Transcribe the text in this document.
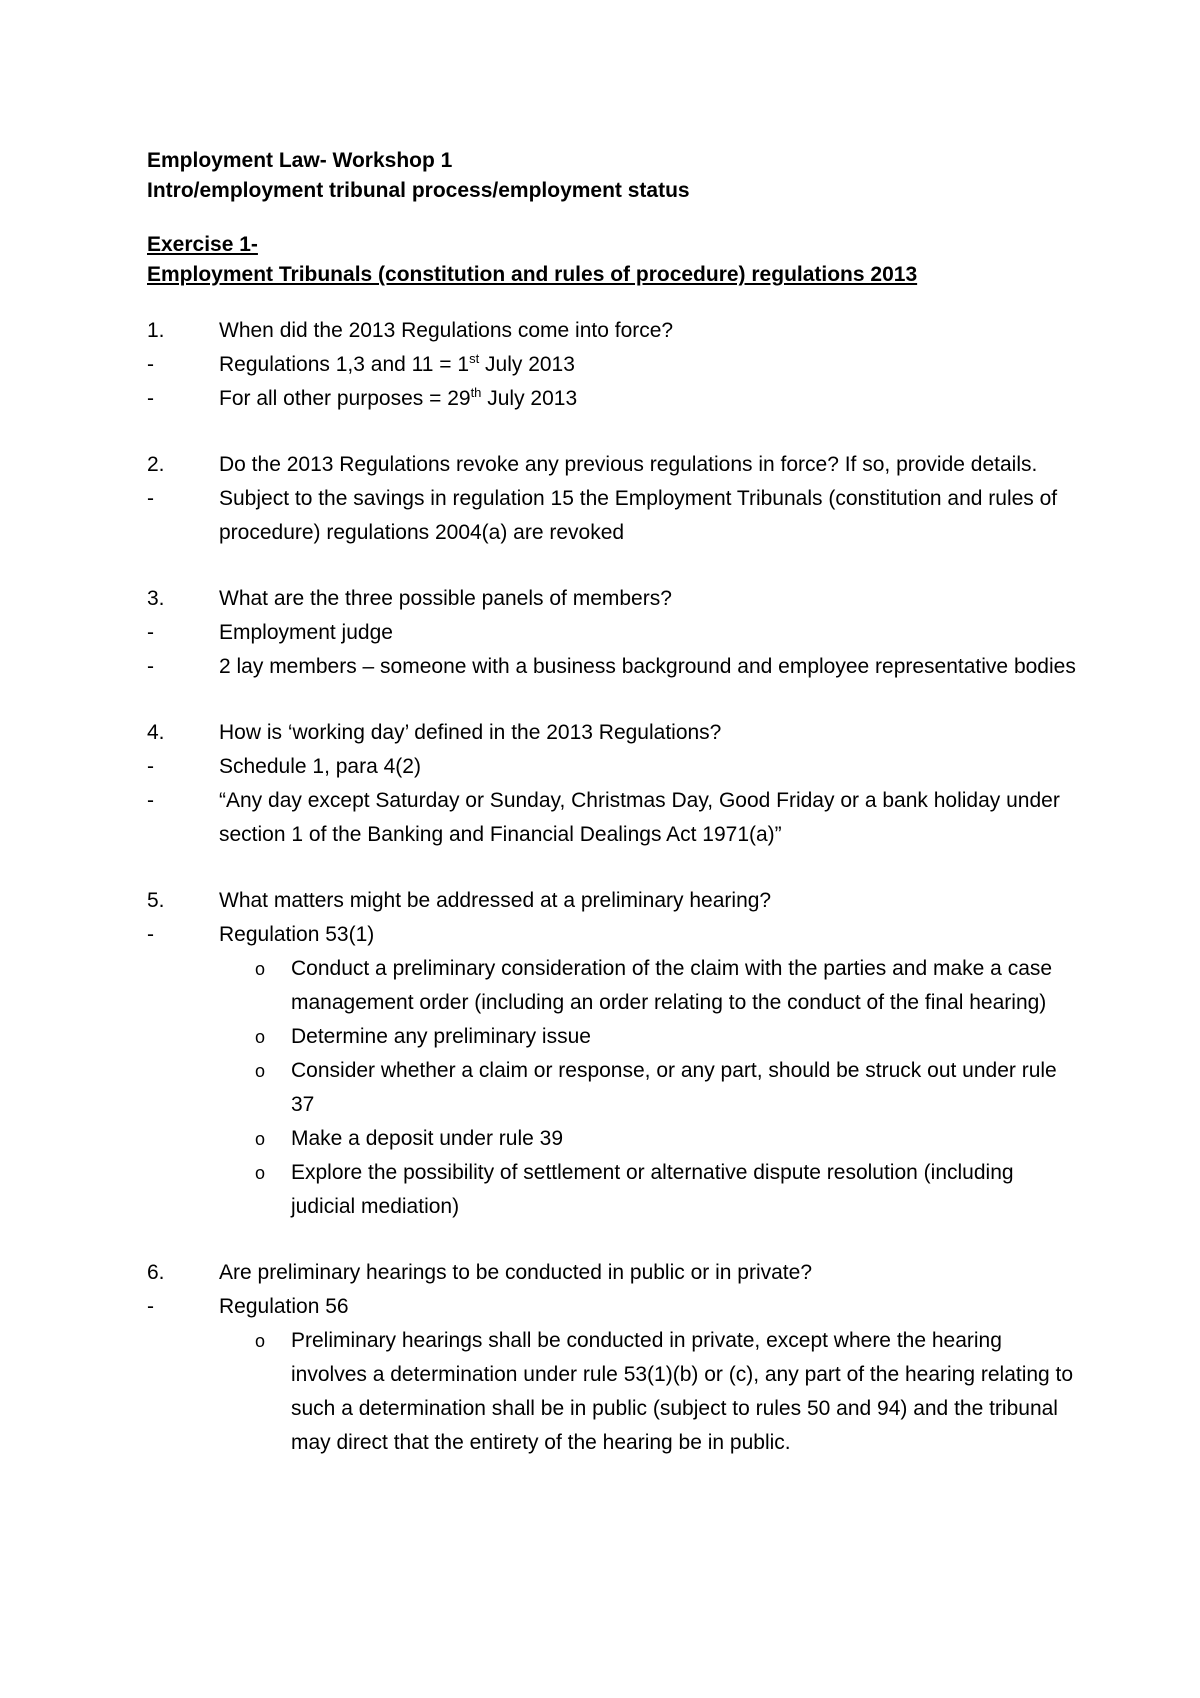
Employment Law- Workshop 1

Intro/employment tribunal process/employment status

Exercise 1-

Employment Tribunals (constitution and rules of procedure) regulations 2013

1.	When did the 2013 Regulations come into force?
-	Regulations 1,3 and 11 = 1st July 2013
-	For all other purposes = 29th July 2013
2.	Do the 2013 Regulations revoke any previous regulations in force? If so, provide details.
-	Subject to the savings in regulation 15 the Employment Tribunals (constitution and rules of procedure) regulations 2004(a) are revoked
3.	What are the three possible panels of members?
-	Employment judge
-	2 lay members – someone with a business background and employee representative bodies
4.	How is ‘working day’ defined in the 2013 Regulations?
-	Schedule 1, para 4(2)
-	“Any day except Saturday or Sunday, Christmas Day, Good Friday or a bank holiday under section 1 of the Banking and Financial Dealings Act 1971(a)”
5.	What matters might be addressed at a preliminary hearing?
-	Regulation 53(1)
o	Conduct a preliminary consideration of the claim with the parties and make a case management order (including an order relating to the conduct of the final hearing)
o	Determine any preliminary issue
o	Consider whether a claim or response, or any part, should be struck out under rule 37
o	Make a deposit under rule 39
o	Explore the possibility of settlement or alternative dispute resolution (including judicial mediation)
6.	Are preliminary hearings to be conducted in public or in private?
-	Regulation 56
o	Preliminary hearings shall be conducted in private, except where the hearing involves a determination under rule 53(1)(b) or (c), any part of the hearing relating to such a determination shall be in public (subject to rules 50 and 94) and the tribunal may direct that the entirety of the hearing be in public.
